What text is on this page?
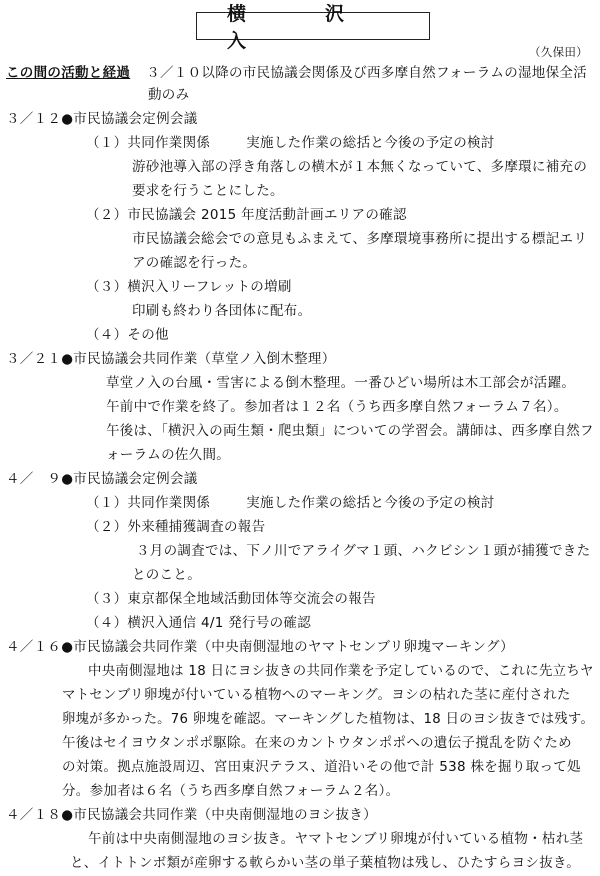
横　沢　入	（久保田）
この間の活動と経過 ３／１０以降の市民協議会関係及び西多摩自然フォーラムの湿地保全活
動のみ
３／１２●市民協議会定例会議
（１）共同作業関係	実施した作業の総括と今後の予定の検討
游砂池導入部の浮き角落しの横木が１本無くなっていて、多摩環に補充の
要求を行うことにした。
（２）市民協議会 2015 年度活動計画エリアの確認
市民協議会総会での意見もふまえて、多摩環境事務所に提出する標記エリ
アの確認を行った。
（３）横沢入リーフレットの増刷
印刷も終わり各団体に配布。
（４）その他
３／２１●市民協議会共同作業（草堂ノ入倒木整理）
草堂ノ入の台風・雪害による倒木整理。一番ひどい場所は木工部会が活躍。
午前中で作業を終了。参加者は１２名（うち西多摩自然フォーラム７名）。
午後は、「横沢入の両生類・爬虫類」についての学習会。講師は、西多摩自然フ
ォーラムの佐久間。
４／　９●市民協議会定例会議
（１）共同作業関係	実施した作業の総括と今後の予定の検討
（２）外来種捕獲調査の報告
３月の調査では、下ノ川でアライグマ１頭、ハクビシン１頭が捕獲できた
とのこと。
（３）東京都保全地域活動団体等交流会の報告
（４）横沢入通信 4/1 発行号の確認
４／１６●市民協議会共同作業（中央南側湿地のヤマトセンブリ卵塊マーキング）
中央南側湿地は 18 日にヨシ抜きの共同作業を予定しているので、これに先立ちヤ
マトセンブリ卵塊が付いている植物へのマーキング。ヨシの枯れた茎に産付された
卵塊が多かった。76 卵塊を確認。マーキングした植物は、18 日のヨシ抜きでは残す。
午後はセイヨウタンポポ駆除。在来のカントウタンポポへの遺伝子撹乱を防ぐため
の対策。拠点施設周辺、宮田東沢テラス、道沿いその他で計 538 株を掘り取って処
分。参加者は６名（うち西多摩自然フォーラム２名）。
４／１８●市民協議会共同作業（中央南側湿地のヨシ抜き）
午前は中央南側湿地のヨシ抜き。ヤマトセンブリ卵塊が付いている植物・枯れ茎
と、イトトンボ類が産卵する軟らかい茎の単子葉植物は残し、ひたすらヨシ抜き。
